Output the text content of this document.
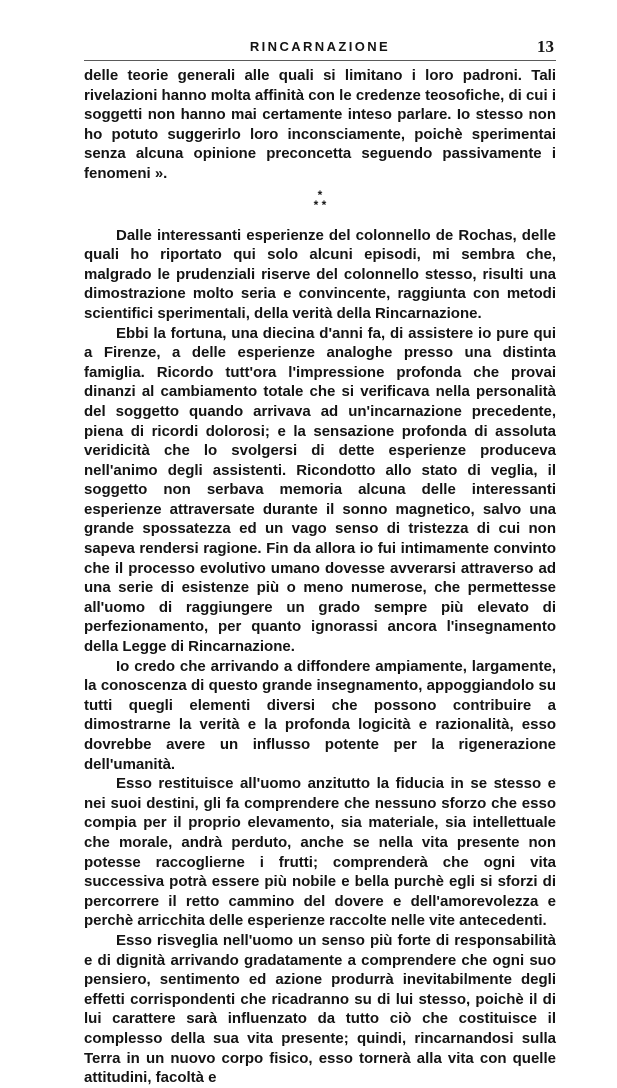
RINCARNAZIONE	13

delle teorie generali alle quali si limitano i loro padroni. Tali rivelazioni hanno molta affinità con le credenze teosofiche, di cui i soggetti non hanno mai certamente inteso parlare. Io stesso non ho potuto suggerirlo loro inconsciamente, poichè sperimentai senza alcuna opinione preconcetta seguendo passivamente i fenomeni ».

*
* *

Dalle interessanti esperienze del colonnello de Rochas, delle quali ho riportato qui solo alcuni episodi, mi sembra che, malgrado le prudenziali riserve del colonnello stesso, risulti una dimostrazione molto seria e convincente, raggiunta con metodi scientifici sperimentali, della verità della Rincarnazione.

Ebbi la fortuna, una diecina d'anni fa, di assistere io pure qui a Firenze, a delle esperienze analoghe presso una distinta famiglia. Ricordo tutt'ora l'impressione profonda che provai dinanzi al cambiamento totale che si verificava nella personalità del soggetto quando arrivava ad un'incarnazione precedente, piena di ricordi dolorosi; e la sensazione profonda di assoluta veridicità che lo svolgersi di dette esperienze produceva nell'animo degli assistenti. Ricondotto allo stato di veglia, il soggetto non serbava memoria alcuna delle interessanti esperienze attraversate durante il sonno magnetico, salvo una grande spossatezza ed un vago senso di tristezza di cui non sapeva rendersi ragione. Fin da allora io fui intimamente convinto che il processo evolutivo umano dovesse avverarsi attraverso ad una serie di esistenze più o meno numerose, che permettesse all'uomo di raggiungere un grado sempre più elevato di perfezionamento, per quanto ignorassi ancora l'insegnamento della Legge di Rincarnazione.

Io credo che arrivando a diffondere ampiamente, largamente, la conoscenza di questo grande insegnamento, appoggiandolo su tutti quegli elementi diversi che possono contribuire a dimostrarne la verità e la profonda logicità e razionalità, esso dovrebbe avere un influsso potente per la rigenerazione dell'umanità.

Esso restituisce all'uomo anzitutto la fiducia in se stesso e nei suoi destini, gli fa comprendere che nessuno sforzo che esso compia per il proprio elevamento, sia materiale, sia intellettuale che morale, andrà perduto, anche se nella vita presente non potesse raccoglierne i frutti; comprenderà che ogni vita successiva potrà essere più nobile e bella purchè egli si sforzi di percorrere il retto cammino del dovere e dell'amorevolezza e perchè arricchita delle esperienze raccolte nelle vite antecedenti.

Esso risveglia nell'uomo un senso più forte di responsabilità e di dignità arrivando gradatamente a comprendere che ogni suo pensiero, sentimento ed azione produrrà inevitabilmente degli effetti corrispondenti che ricadranno su di lui stesso, poichè il di lui carattere sarà influenzato da tutto ciò che costituisce il complesso della sua vita presente; quindi, rincarnandosi sulla Terra in un nuovo corpo fisico, esso tornerà alla vita con quelle attitudini, facoltà e
